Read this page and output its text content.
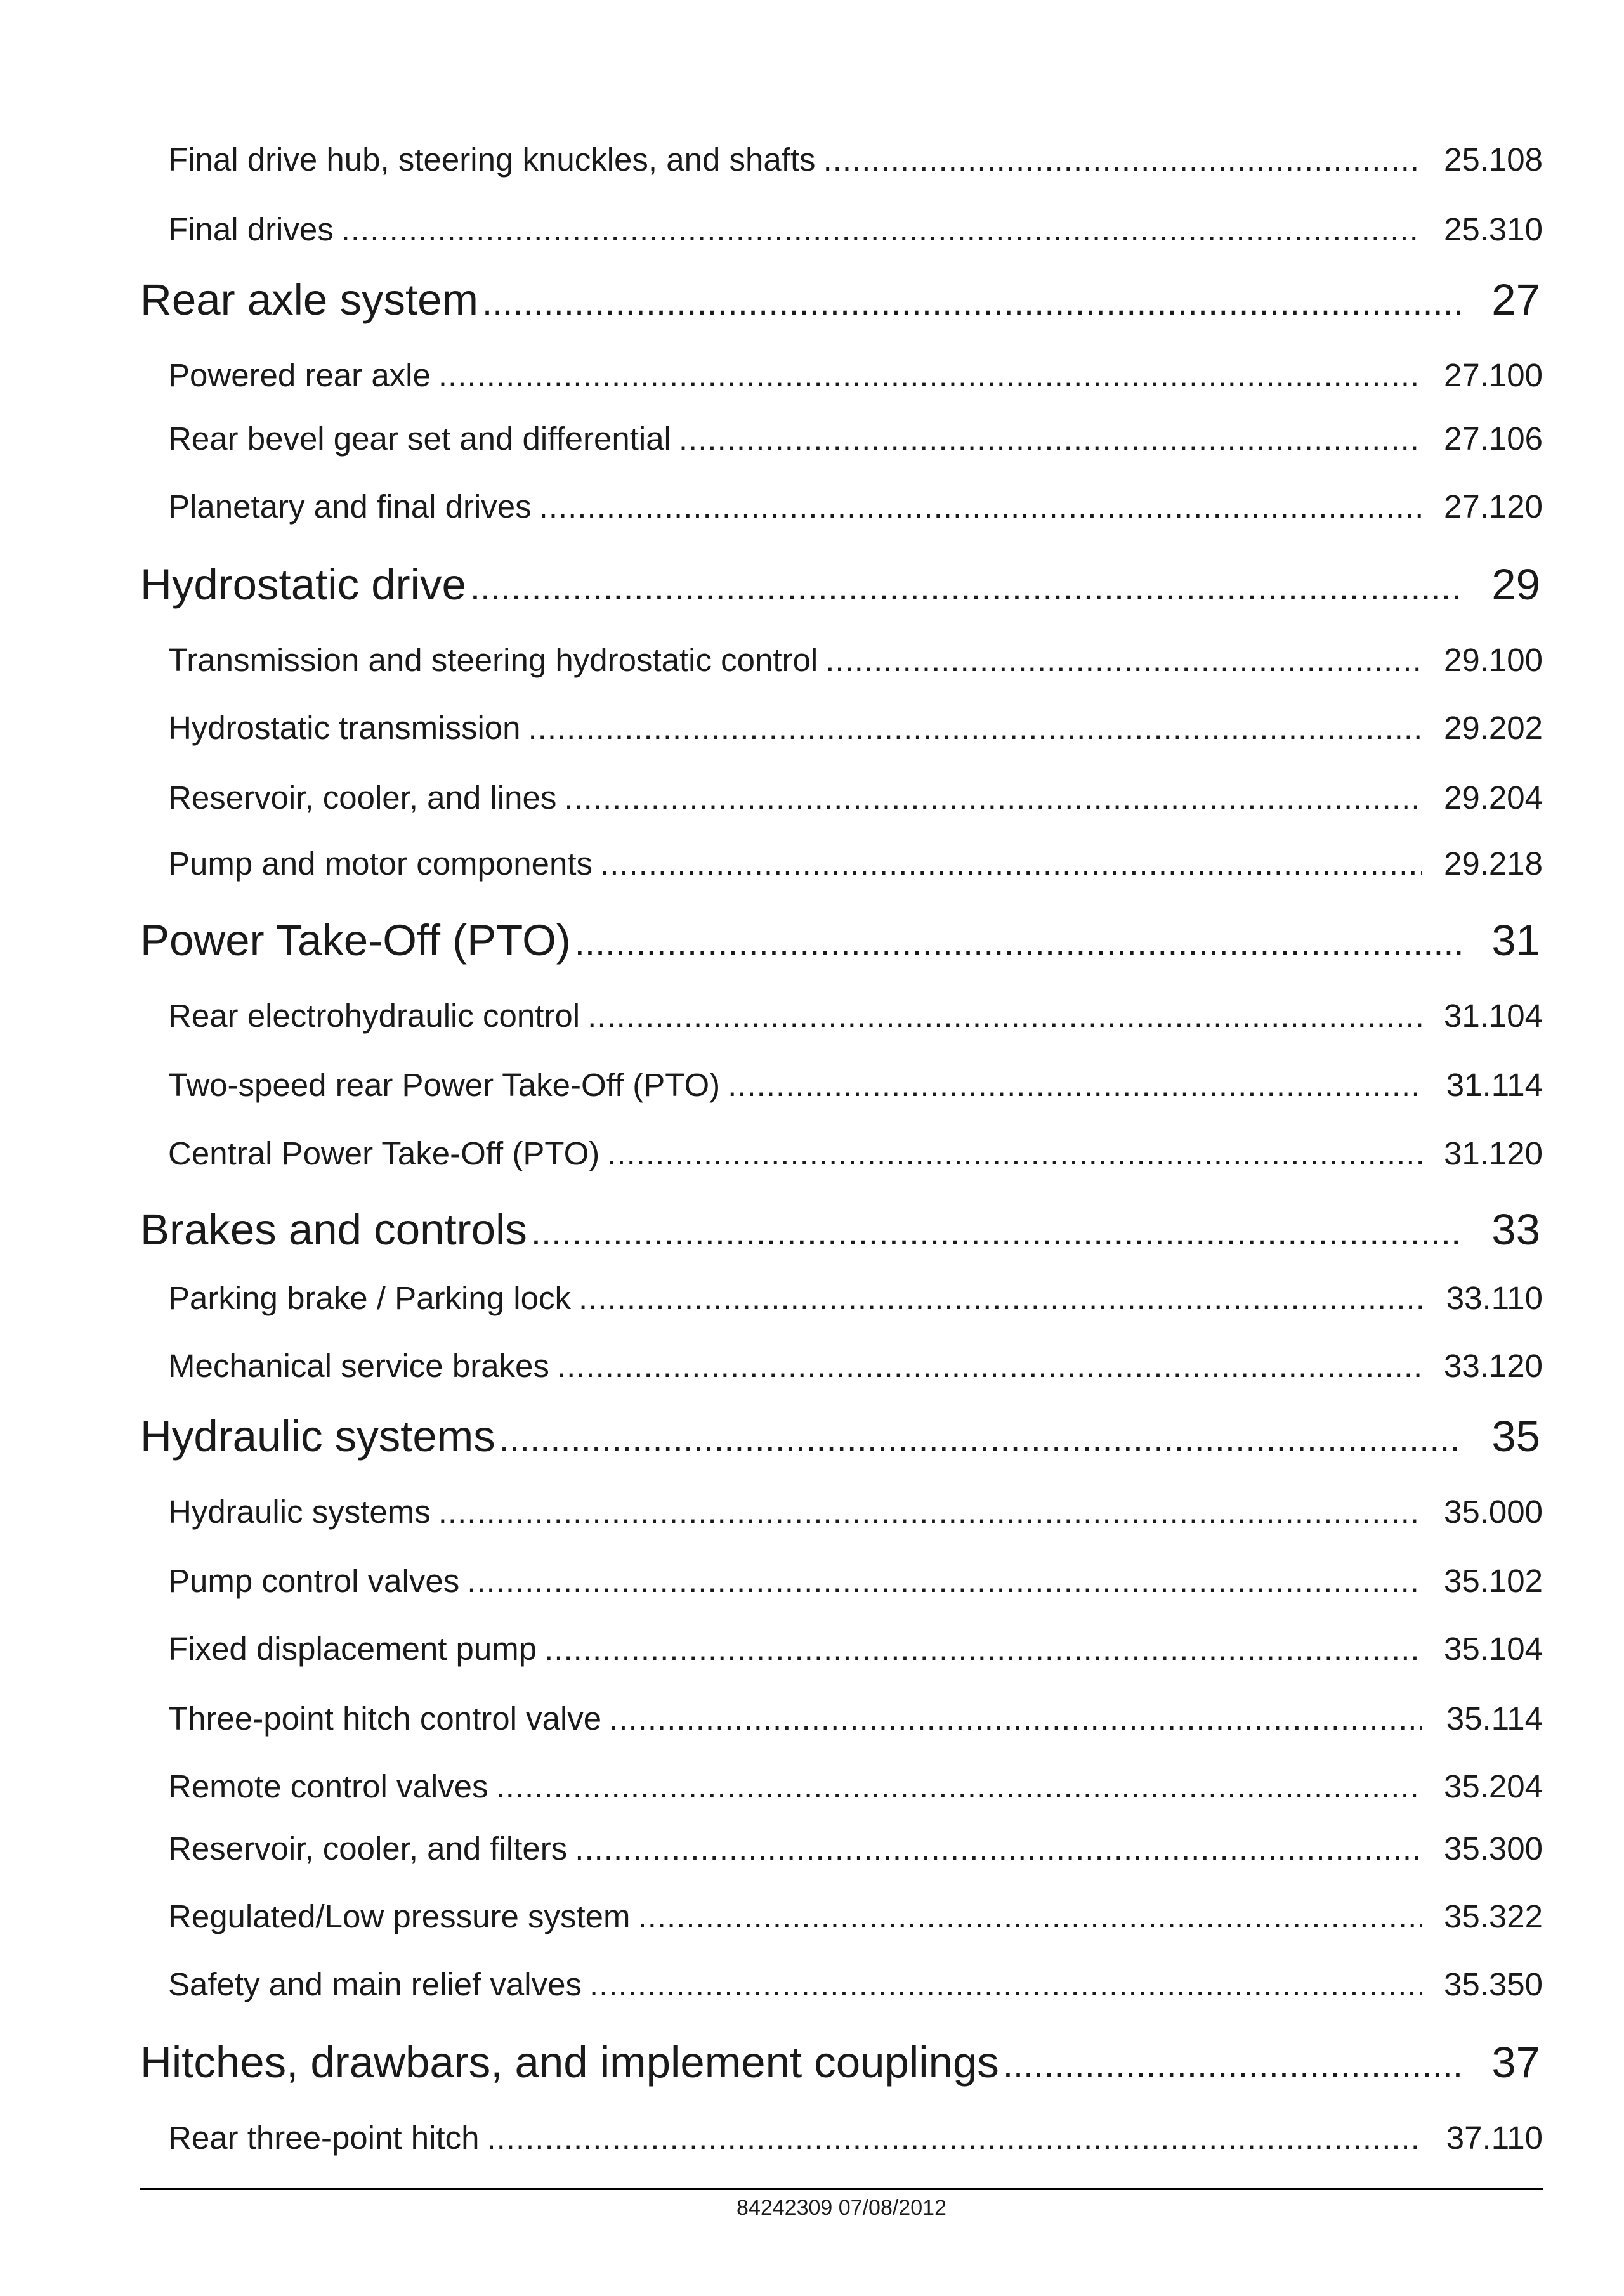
Final drive hub, steering knuckles, and shafts .....	25.108
Final drives .....	25.310
Rear axle system .....	27
Powered rear axle .....	27.100
Rear bevel gear set and differential .....	27.106
Planetary and final drives .....	27.120
Hydrostatic drive .....	29
Transmission and steering hydrostatic control .....	29.100
Hydrostatic transmission .....	29.202
Reservoir, cooler, and lines .....	29.204
Pump and motor components .....	29.218
Power Take-Off (PTO) .....	31
Rear electrohydraulic control .....	31.104
Two-speed rear Power Take-Off (PTO) .....	31.114
Central Power Take-Off (PTO) .....	31.120
Brakes and controls .....	33
Parking brake / Parking lock .....	33.110
Mechanical service brakes .....	33.120
Hydraulic systems .....	35
Hydraulic systems .....	35.000
Pump control valves .....	35.102
Fixed displacement pump .....	35.104
Three-point hitch control valve .....	35.114
Remote control valves .....	35.204
Reservoir, cooler, and filters .....	35.300
Regulated/Low pressure system .....	35.322
Safety and main relief valves .....	35.350
Hitches, drawbars, and implement couplings .....	37
Rear three-point hitch .....	37.110
84242309 07/08/2012
